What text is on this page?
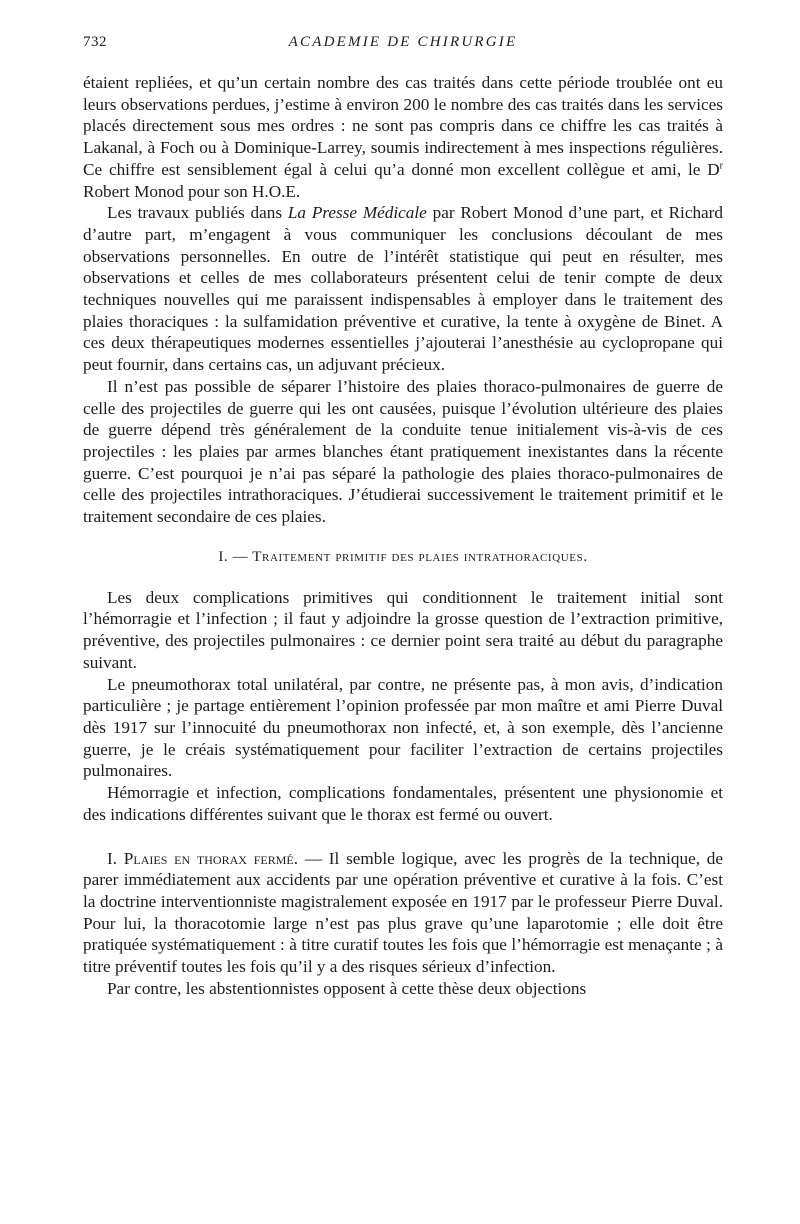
732	ACADEMIE DE CHIRURGIE

étaient repliées, et qu’un certain nombre des cas traités dans cette période troublée ont eu leurs observations perdues, j’estime à environ 200 le nombre des cas traités dans les services placés directement sous mes ordres : ne sont pas compris dans ce chiffre les cas traités à Lakanal, à Foch ou à Dominique-Larrey, soumis indirectement à mes inspections régulières. Ce chiffre est sensiblement égal à celui qu’a donné mon excellent collègue et ami, le $D^r$ Robert Monod pour son H.O.E.

Les travaux publiés dans La Presse Médicale par Robert Monod d’une part, et Richard d’autre part, m’engagent à vous communiquer les conclusions découlant de mes observations personnelles. En outre de l’intérêt statistique qui peut en résulter, mes observations et celles de mes collaborateurs présentent celui de tenir compte de deux techniques nouvelles qui me paraissent indispensables à employer dans le traitement des plaies thoraciques : la sulfamidation préventive et curative, la tente à oxygène de Binet. A ces deux thérapeutiques modernes essentielles j’ajouterai l’anesthésie au cyclopropane qui peut fournir, dans certains cas, un adjuvant précieux.

Il n’est pas possible de séparer l’histoire des plaies thoraco-pulmonaires de guerre de celle des projectiles de guerre qui les ont causées, puisque l’évolution ultérieure des plaies de guerre dépend très généralement de la conduite tenue initialement vis-à-vis de ces projectiles : les plaies par armes blanches étant pratiquement inexistantes dans la récente guerre. C’est pourquoi je n’ai pas séparé la pathologie des plaies thoraco-pulmonaires de celle des projectiles intrathoraciques. J’étudierai successivement le traitement primitif et le traitement secondaire de ces plaies.

I. — Traitement primitif des plaies intrathoraciques.

Les deux complications primitives qui conditionnent le traitement initial sont l’hémorragie et l’infection ; il faut y adjoindre la grosse question de l’extraction primitive, préventive, des projectiles pulmonaires : ce dernier point sera traité au début du paragraphe suivant.

Le pneumothorax total unilatéral, par contre, ne présente pas, à mon avis, d’indication particulière ; je partage entièrement l’opinion professée par mon maître et ami Pierre Duval dès 1917 sur l’innocuité du pneumothorax non infecté, et, à son exemple, dès l’ancienne guerre, je le créais systématiquement pour faciliter l’extraction de certains projectiles pulmonaires.

Hémorragie et infection, complications fondamentales, présentent une physionomie et des indications différentes suivant que le thorax est fermé ou ouvert.

I. Plaies en thorax fermé. — Il semble logique, avec les progrès de la technique, de parer immédiatement aux accidents par une opération préventive et curative à la fois. C’est la doctrine interventionniste magistralement exposée en 1917 par le professeur Pierre Duval. Pour lui, la thoracotomie large n’est pas plus grave qu’une laparotomie ; elle doit être pratiquée systématiquement : à titre curatif toutes les fois que l’hémorragie est menaçante ; à titre préventif toutes les fois qu’il y a des risques sérieux d’infection.

Par contre, les abstentionnistes opposent à cette thèse deux objections
